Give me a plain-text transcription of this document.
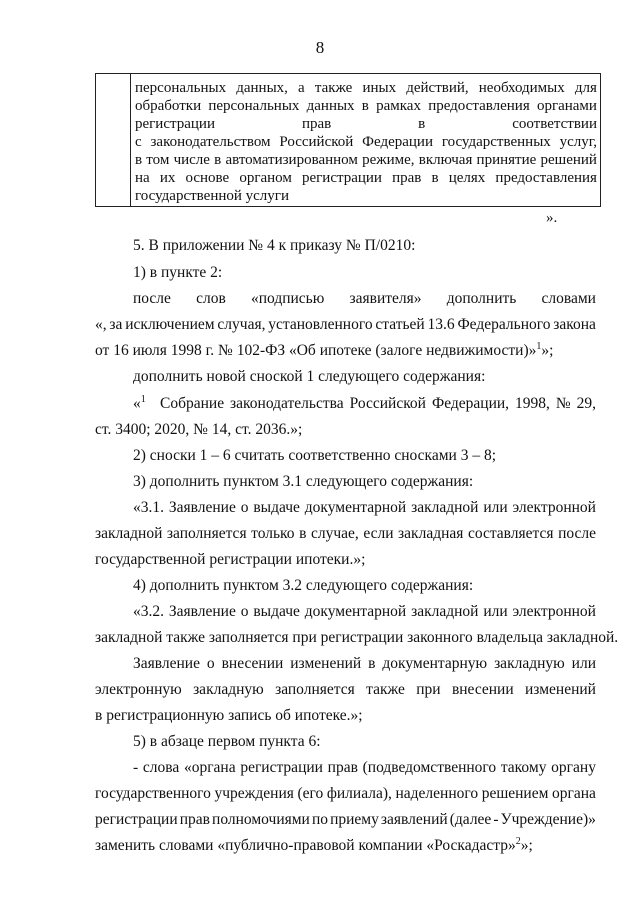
8
персональных данных, а также иных действий, необходимых для
обработки персональных данных в рамках предоставления органами
регистрации	прав	в	соответствии
с законодательством Российской Федерации государственных услуг,
в том числе в автоматизированном режиме, включая принятие решений
на их основе органом регистрации прав в целях предоставления
государственной услуги
».
5. В приложении № 4 к приказу № П/0210:
1) в пункте 2:
после слов «подписью заявителя» дополнить словами
«, за исключением случая, установленного статьей 13.6 Федерального закона
от 16 июля 1998 г. № 102-ФЗ «Об ипотеке (залоге недвижимости)»$^1$»;
дополнить новой сноской 1 следующего содержания:
«$^1$ Собрание законодательства Российской Федерации, 1998, № 29,
ст. 3400; 2020, № 14, ст. 2036.»;
2) сноски 1 – 6 считать соответственно сносками 3 – 8;
3) дополнить пунктом 3.1 следующего содержания:
«3.1. Заявление о выдаче документарной закладной или электронной
закладной заполняется только в случае, если закладная составляется после
государственной регистрации ипотеки.»;
4) дополнить пунктом 3.2 следующего содержания:
«3.2. Заявление о выдаче документарной закладной или электронной
закладной также заполняется при регистрации законного владельца закладной.
Заявление о внесении изменений в документарную закладную или
электронную закладную заполняется также при внесении изменений
в регистрационную запись об ипотеке.»;
5) в абзаце первом пункта 6:
- слова «органа регистрации прав (подведомственного такому органу
государственного учреждения (его филиала), наделенного решением органа
регистрации прав полномочиями по приему заявлений (далее - Учреждение)»
заменить словами «публично-правовой компании «Роскадастр»$^2$»;
